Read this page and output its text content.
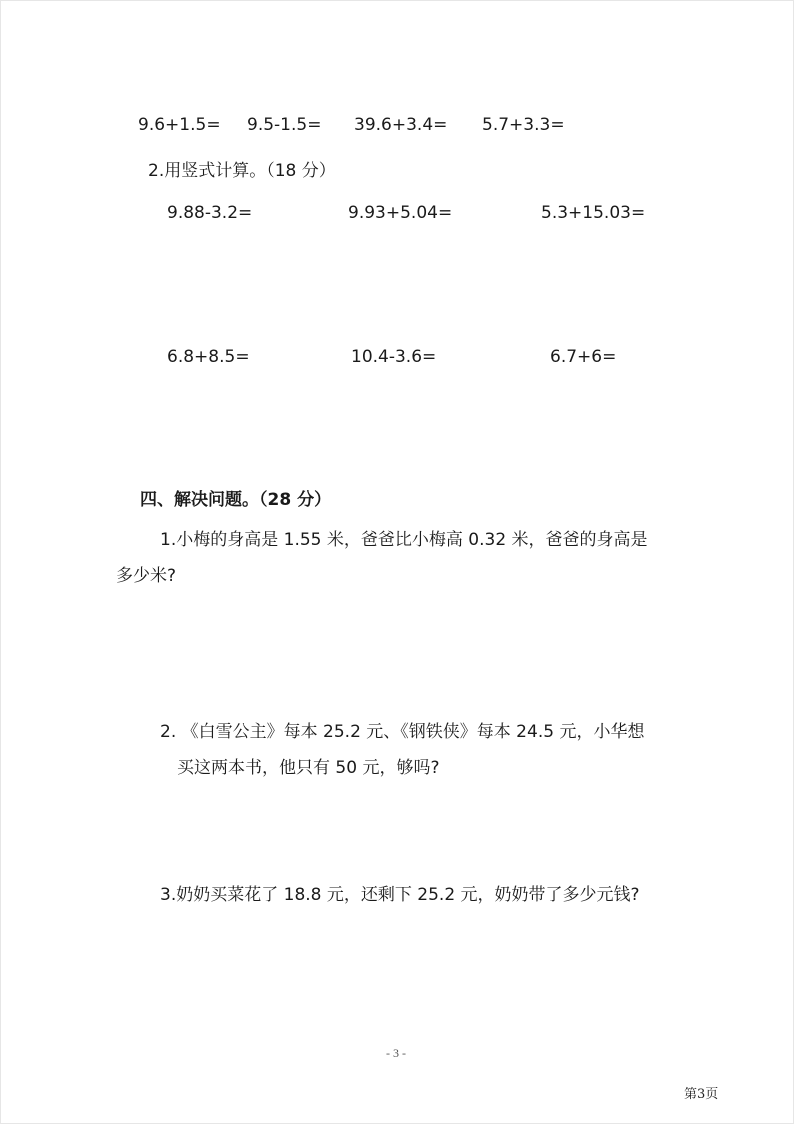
9.6+1.5= 9.5-1.5= 39.6+3.4= 5.7+3.3=
2.用竖式计算。（18 分）
9.88-3.2=	9.93+5.04=	5.3+15.03=
6.8+8.5=	10.4-3.6=	6.7+6=
四、解决问题。（28 分）
1.小梅的身高是 1.55 米，爸爸比小梅高 0.32 米，爸爸的身高是
多少米?
2. 《白雪公主》每本 25.2 元、《钢铁侠》每本 24.5 元，小华想
买这两本书，他只有 50 元，够吗?
3.奶奶买菜花了 18.8 元，还剩下 25.2 元，奶奶带了多少元钱?
- 3 -
第3页
